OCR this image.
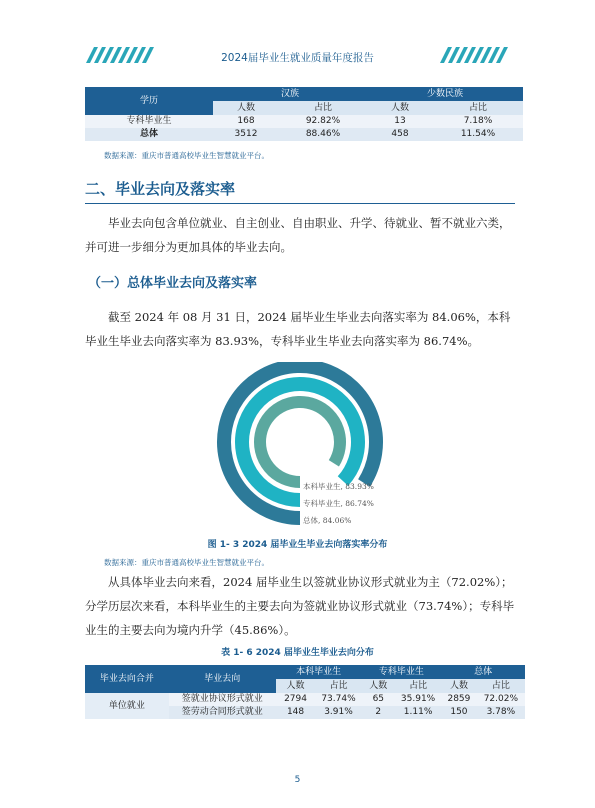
2024届毕业生就业质量年度报告
学历	汉族		少数民族	
	人数	占比	人数	占比
专科毕业生	168	92.82%	13	7.18%
总体	3512	88.46%	458	11.54%
数据来源：重庆市普通高校毕业生智慧就业平台。
二、毕业去向及落实率
毕业去向包含单位就业、自主创业、自由职业、升学、待就业、暂不就业六类，并可进一步细分为更加具体的毕业去向。
（一）总体毕业去向及落实率
截至 2024 年 08 月 31 日，2024 届毕业生毕业去向落实率为 84.06%，本科毕业生毕业去向落实率为 83.93%，专科毕业生毕业去向落实率为 86.74%。
本科毕业生, 83.93%
专科毕业生, 86.74%
总体, 84.06%
图 1- 3 2024 届毕业生毕业去向落实率分布
数据来源：重庆市普通高校毕业生智慧就业平台。
从具体毕业去向来看，2024 届毕业生以签就业协议形式就业为主（72.02%）；分学历层次来看，本科毕业生的主要去向为签就业协议形式就业（73.74%）；专科毕业生的主要去向为境内升学（45.86%）。
表 1- 6 2024 届毕业生毕业去向分布
毕业去向合并	毕业去向	本科毕业生		专科毕业生		总体	
		人数	占比	人数	占比	人数	占比
单位就业	签就业协议形式就业	2794	73.74%	65	35.91%	2859	72.02%
	签劳动合同形式就业	148	3.91%	2	1.11%	150	3.78%
5
